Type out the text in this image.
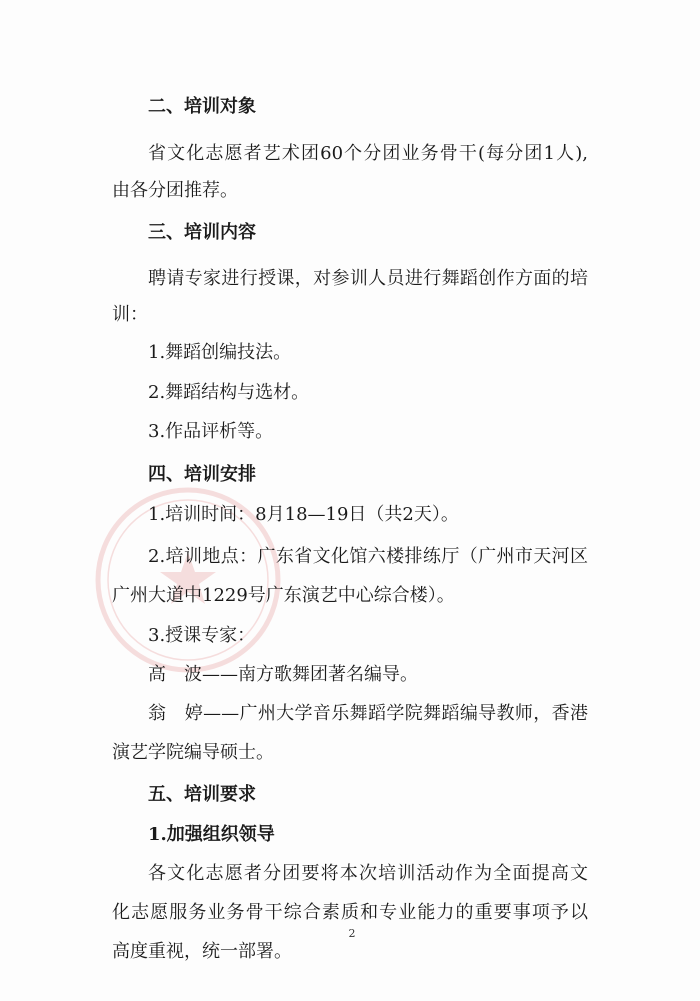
二、培训对象

省文化志愿者艺术团60个分团业务骨干(每分团1人),

由各分团推荐。

三、培训内容

聘请专家进行授课，对参训人员进行舞蹈创作方面的培

训：

1.舞蹈创编技法。

2.舞蹈结构与选材。

3.作品评析等。

四、培训安排

1.培训时间：8月18—19日（共2天）。

2.培训地点：广东省文化馆六楼排练厅（广州市天河区

广州大道中1229号广东演艺中心综合楼）。

3.授课专家：

高　波——南方歌舞团著名编导。

翁　婷——广州大学音乐舞蹈学院舞蹈编导教师，香港

演艺学院编导硕士。

五、培训要求

1.加强组织领导

各文化志愿者分团要将本次培训活动作为全面提高文

化志愿服务业务骨干综合素质和专业能力的重要事项予以

高度重视，统一部署。

2
